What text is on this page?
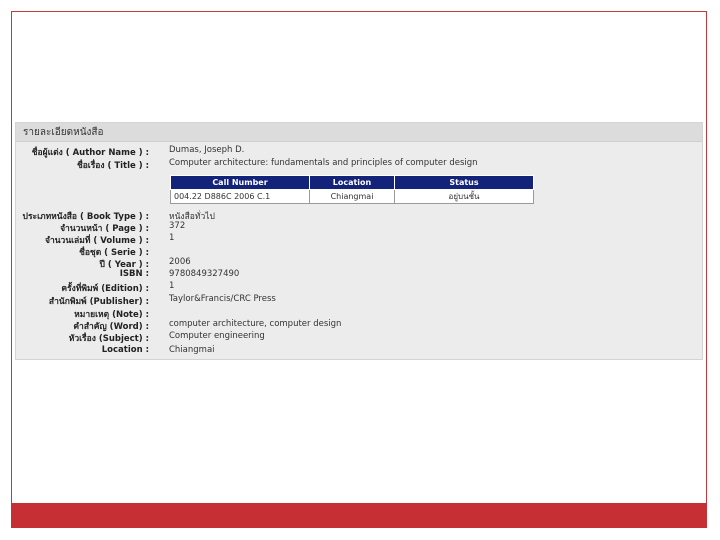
รายละเอียดหนังสือ
ชื่อผู้แต่ง ( Author Name ) : Dumas, Joseph D.
ชื่อเรื่อง ( Title ) : Computer architecture: fundamentals and principles of computer design
Call Number	Location	Status
004.22 D886C 2006 C.1	Chiangmai	อยู่บนชั้น
ประเภทหนังสือ ( Book Type ) : หนังสือทั่วไป
จำนวนหน้า ( Page ) : 372
จำนวนเล่มที่ ( Volume ) : 1
ชื่อชุด ( Serie ) :
ปี ( Year ) : 2006
ISBN : 9780849327490
ครั้งที่พิมพ์ (Edition) : 1
สำนักพิมพ์ (Publisher) : Taylor&Francis/CRC Press
หมายเหตุ (Note) :
คำสำคัญ (Word) : computer architecture, computer design
หัวเรื่อง (Subject) : Computer engineering
Location : Chiangmai
